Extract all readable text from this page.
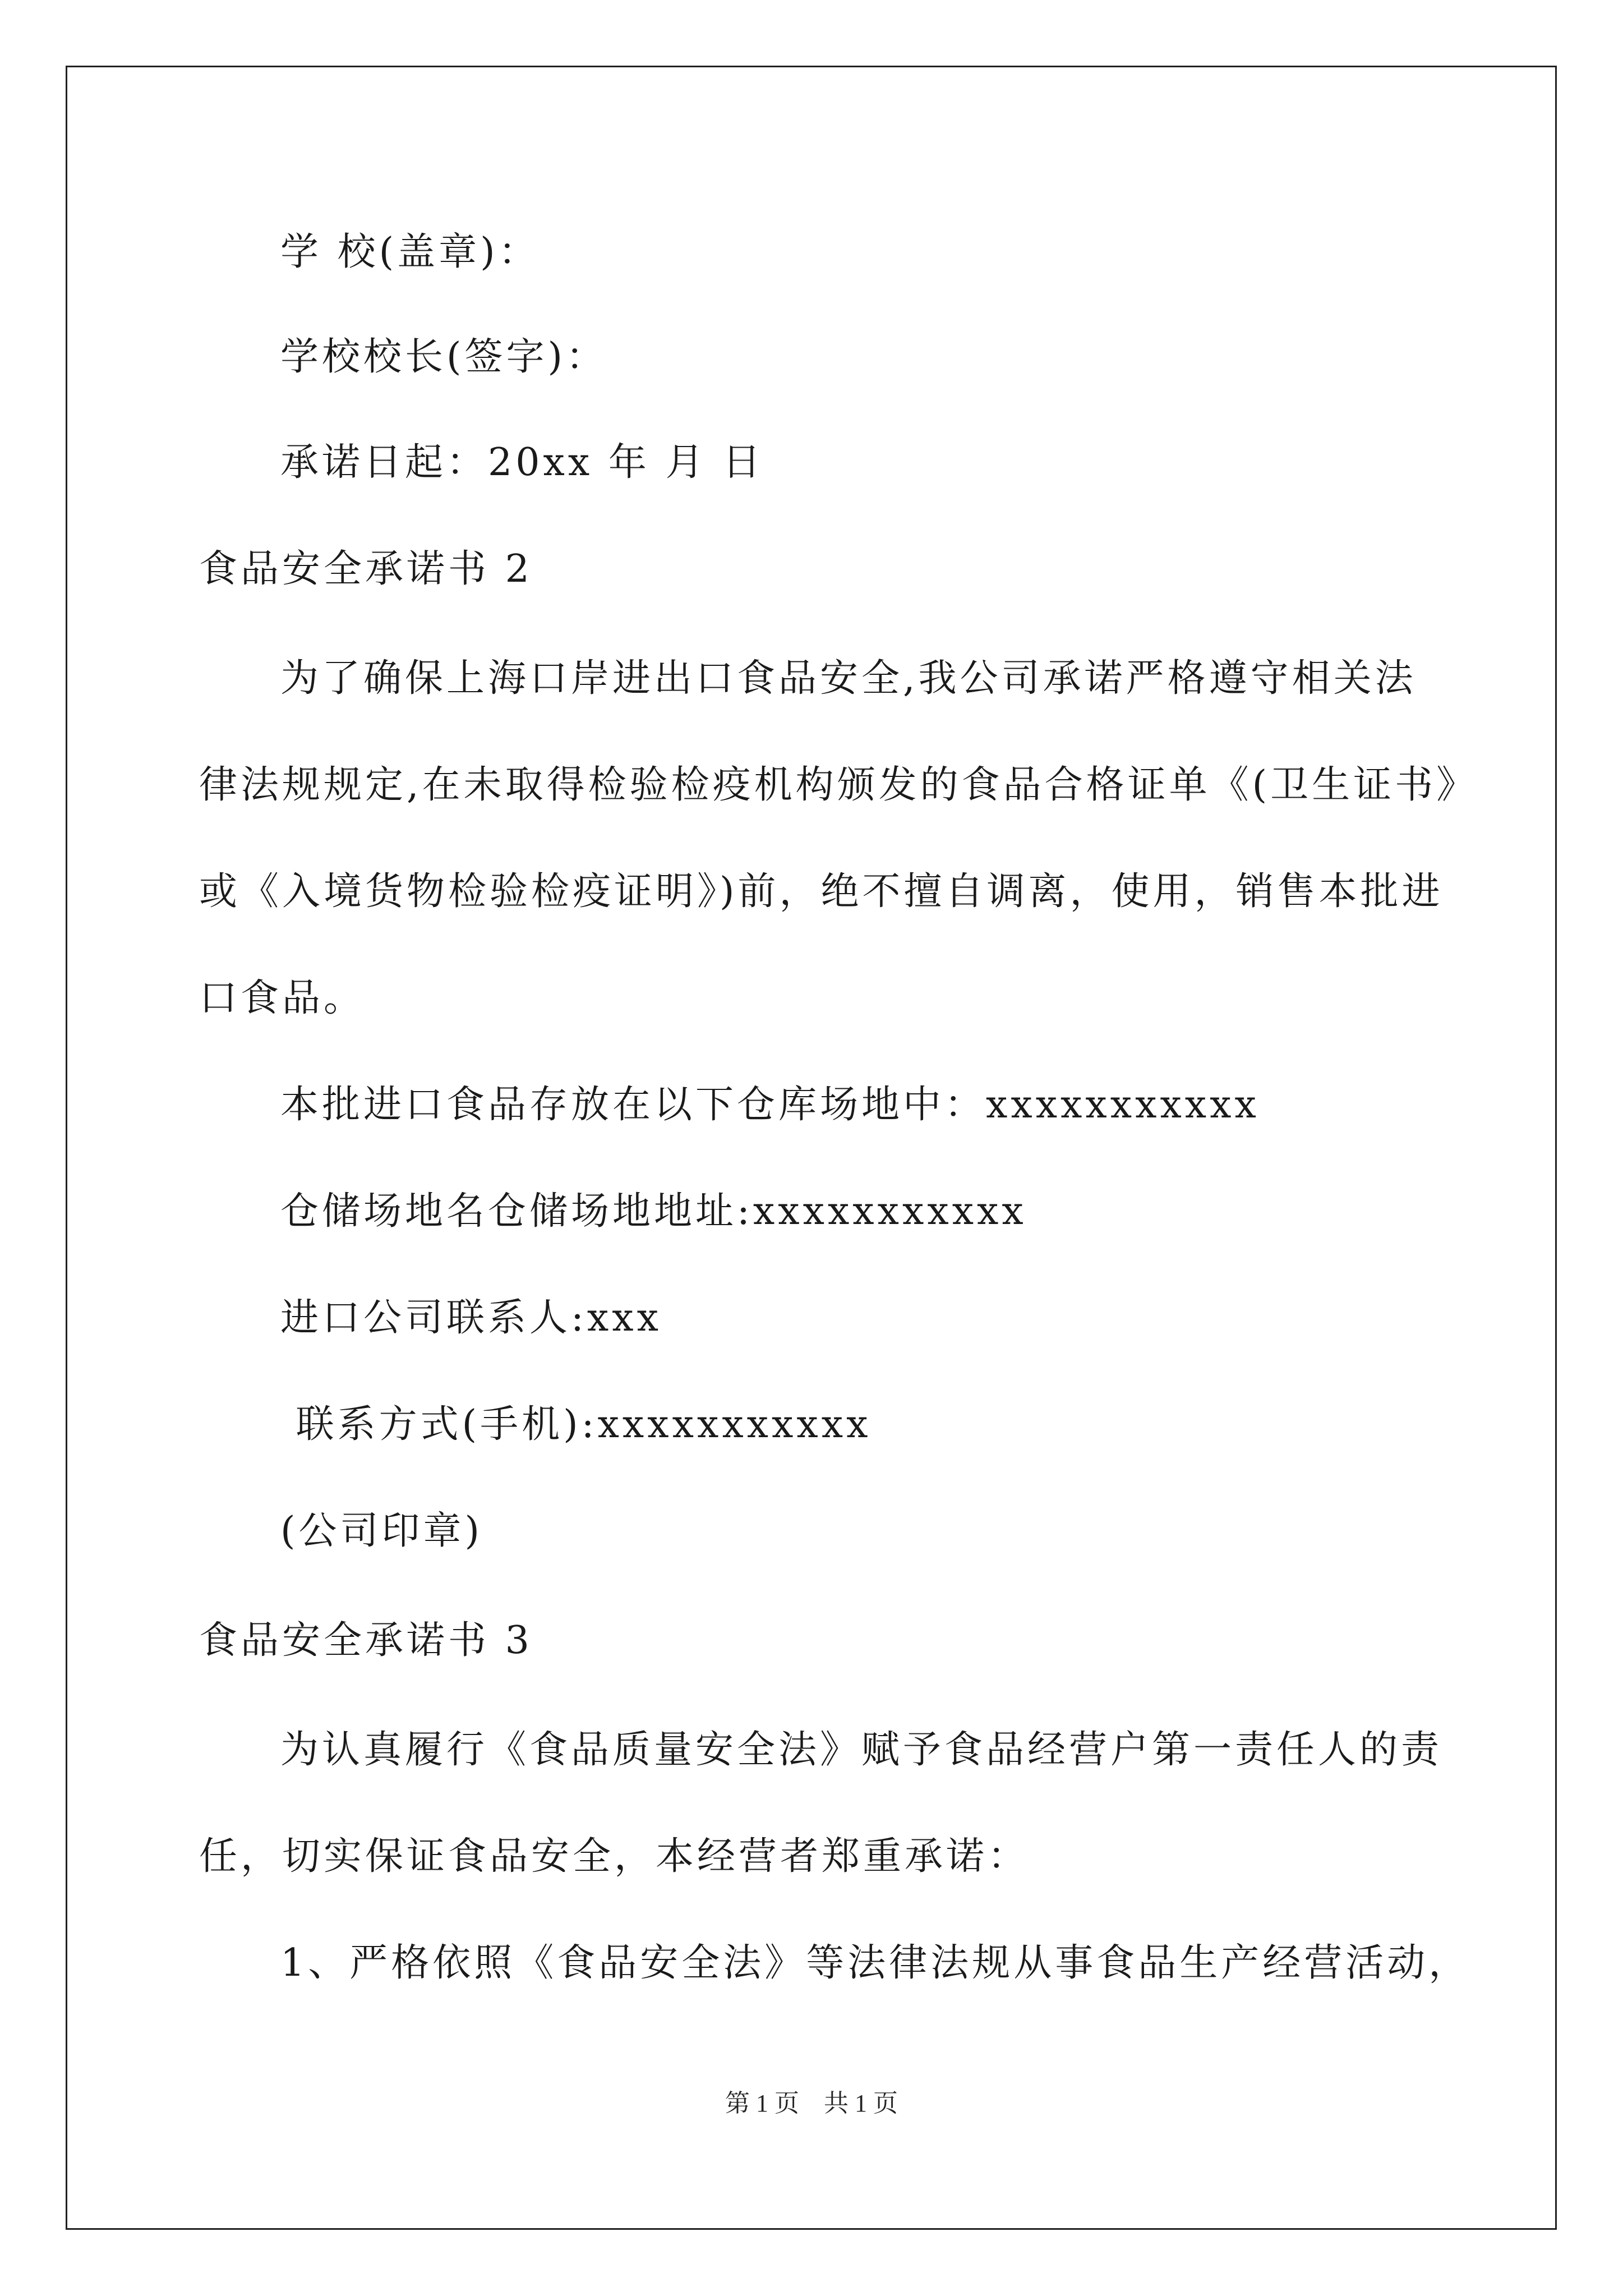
学 校(盖章)：
学校校长(签字)：
承诺日起：20xx 年 月 日
食品安全承诺书 2
为了确保上海口岸进出口食品安全,我公司承诺严格遵守相关法
律法规规定,在未取得检验检疫机构颁发的食品合格证单《(卫生证书》
或《入境货物检验检疫证明》)前，绝不擅自调离，使用，销售本批进
口食品。
本批进口食品存放在以下仓库场地中：xxxxxxxxxxx
仓储场地名仓储场地地址:xxxxxxxxxxx
进口公司联系人:xxx
联系方式(手机):xxxxxxxxxxx
(公司印章)
食品安全承诺书 3
为认真履行《食品质量安全法》赋予食品经营户第一责任人的责
任，切实保证食品安全，本经营者郑重承诺：
1、严格依照《食品安全法》等法律法规从事食品生产经营活动，
第 1 页　共 1 页
